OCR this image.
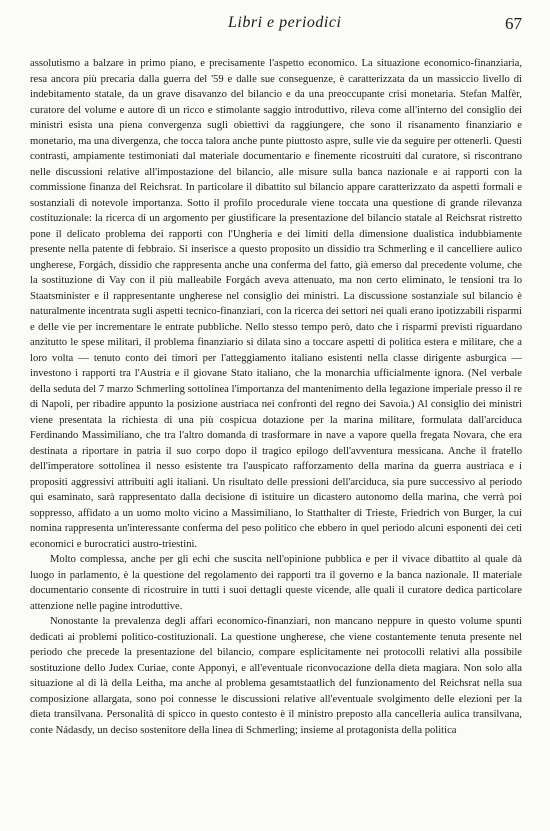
Libri e periodici	67

assolutismo a balzare in primo piano, e precisamente l'aspetto economico. La situazione economico-finanziaria, resa ancora più precaria dalla guerra del '59 e dalle sue conseguenze, è caratterizzata da un massiccio livello di indebitamento statale, da un grave disavanzo del bilancio e da una preoccupante crisi monetaria. Stefan Malfèr, curatore del volume e autore di un ricco e stimolante saggio introduttivo, rileva come all'interno del consiglio dei ministri esista una piena convergenza sugli obiettivi da raggiungere, che sono il risanamento finanziario e monetario, ma una divergenza, che tocca talora anche punte piuttosto aspre, sulle vie da seguire per ottenerli. Questi contrasti, ampiamente testimoniati dal materiale documentario e finemente ricostruiti dal curatore, si riscontrano nelle discussioni relative all'impostazione del bilancio, alle misure sulla banca nazionale e ai rapporti con la commissione finanza del Reichsrat. In particolare il dibattito sul bilancio appare caratterizzato da aspetti formali e sostanziali di notevole importanza. Sotto il profilo procedurale viene toccata una questione di grande rilevanza costituzionale: la ricerca di un argomento per giustificare la presentazione del bilancio statale al Reichsrat ristretto pone il delicato problema dei rapporti con l'Ungheria e dei limiti della dimensione dualistica indubbiamente presente nella patente di febbraio. Si inserisce a questo proposito un dissidio tra Schmerling e il cancelliere aulico ungherese, Forgách, dissidio che rappresenta anche una conferma del fatto, già emerso dal precedente volume, che la sostituzione di Vay con il più malleabile Forgách aveva attenuato, ma non certo eliminato, le tensioni tra lo Staatsminister e il rappresentante ungherese nel consiglio dei ministri. La discussione sostanziale sul bilancio è naturalmente incentrata sugli aspetti tecnico-finanziari, con la ricerca dei settori nei quali erano ipotizzabili risparmi e delle vie per incrementare le entrate pubbliche. Nello stesso tempo però, dato che i risparmi previsti riguardano anzitutto le spese militari, il problema finanziario si dilata sino a toccare aspetti di politica estera e militare, che a loro volta — tenuto conto dei timori per l'atteggiamento italiano esistenti nella classe dirigente asburgica — investono i rapporti tra l'Austria e il giovane Stato italiano, che la monarchia ufficialmente ignora. (Nel verbale della seduta del 7 marzo Schmerling sottolinea l'importanza del mantenimento della legazione imperiale presso il re di Napoli, per ribadire appunto la posizione austriaca nei confronti del regno dei Savoia.) Al consiglio dei ministri viene presentata la richiesta di una più cospicua dotazione per la marina militare, formulata dall'arciduca Ferdinando Massimiliano, che tra l'altro domanda di trasformare in nave a vapore quella fregata Novara, che era destinata a riportare in patria il suo corpo dopo il tragico epilogo dell'avventura messicana. Anche il fratello dell'imperatore sottolinea il nesso esistente tra l'auspicato rafforzamento della marina da guerra austriaca e i propositi aggressivi attribuiti agli italiani. Un risultato delle pressioni dell'arciduca, sia pure successivo al periodo qui esaminato, sarà rappresentato dalla decisione di istituire un dicastero autonomo della marina, che verrà poi soppresso, affidato a un uomo molto vicino a Massimiliano, lo Statthalter di Trieste, Friedrich von Burger, la cui nomina rappresenta un'interessante conferma del peso politico che ebbero in quel periodo alcuni esponenti dei ceti economici e burocratici austro-triestini.

Molto complessa, anche per gli echi che suscita nell'opinione pubblica e per il vivace dibattito al quale dà luogo in parlamento, è la questione del regolamento dei rapporti tra il governo e la banca nazionale. Il materiale documentario consente di ricostruire in tutti i suoi dettagli queste vicende, alle quali il curatore dedica particolare attenzione nelle pagine introduttive.

Nonostante la prevalenza degli affari economico-finanziari, non mancano neppure in questo volume spunti dedicati ai problemi politico-costituzionali. La questione ungherese, che viene costantemente tenuta presente nel periodo che precede la presentazione del bilancio, compare esplicitamente nei protocolli relativi alla possibile sostituzione dello Judex Curiae, conte Apponyi, e all'eventuale riconvocazione della dieta magiara. Non solo alla situazione al di là della Leitha, ma anche al problema gesamtstaatlich del funzionamento del Reichsrat nella sua composizione allargata, sono poi connesse le discussioni relative all'eventuale svolgimento delle elezioni per la dieta transilvana. Personalità di spicco in questo contesto è il ministro preposto alla cancelleria aulica transilvana, conte Nádasdy, un deciso sostenitore della linea di Schmerling; insieme al protagonista della politica
